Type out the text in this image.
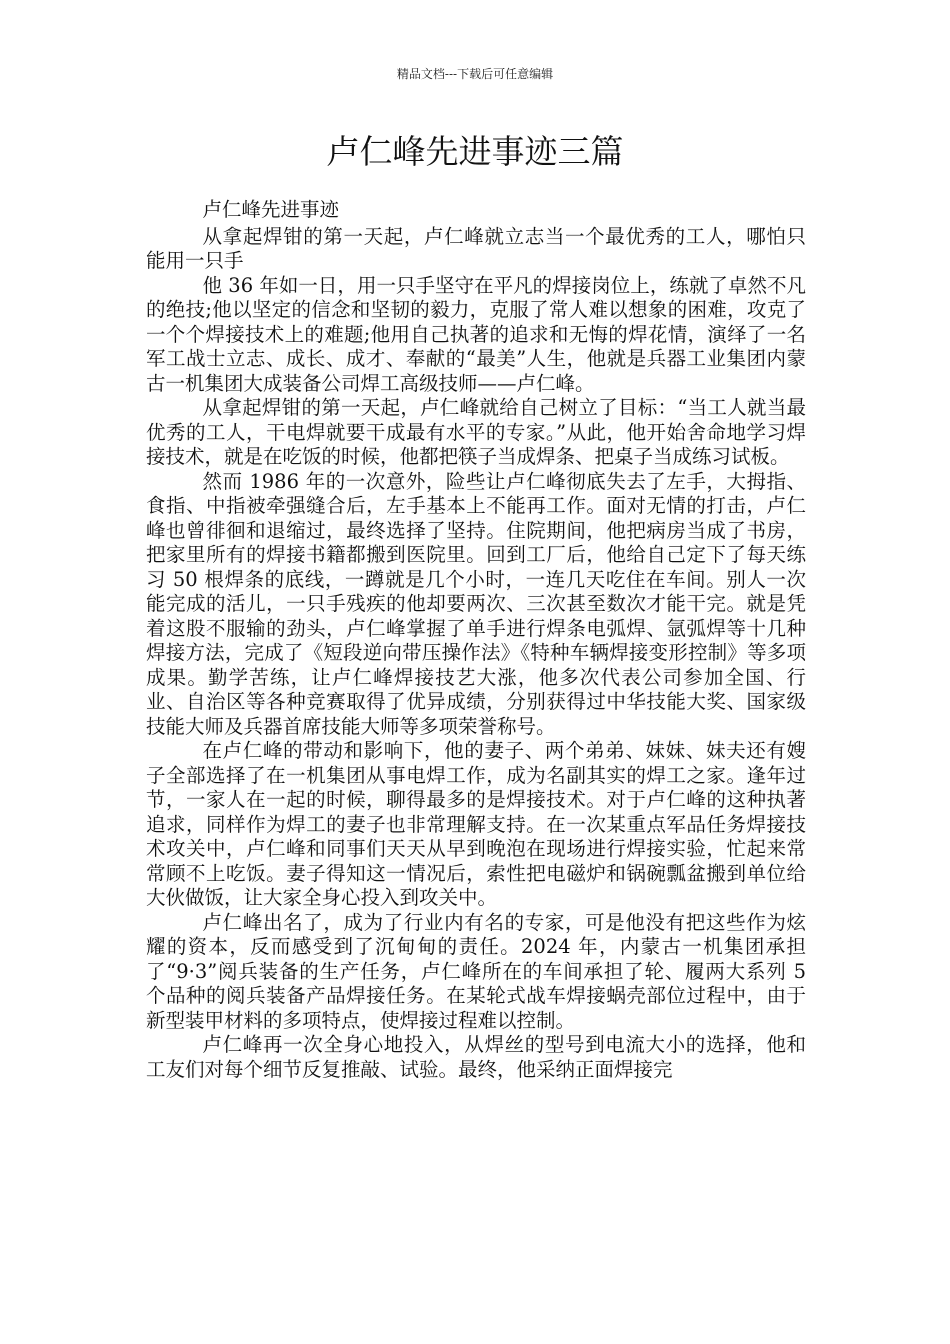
精品文档---下载后可任意编辑
卢仁峰先进事迹三篇

卢仁峰先进事迹

从拿起焊钳的第一天起，卢仁峰就立志当一个最优秀的工人，哪怕只能用一只手

他 36 年如一日，用一只手坚守在平凡的焊接岗位上，练就了卓然不凡的绝技;他以坚定的信念和坚韧的毅力，克服了常人难以想象的困难，攻克了一个个焊接技术上的难题;他用自己执著的追求和无悔的焊花情，演绎了一名军工战士立志、成长、成才、奉献的“最美”人生，他就是兵器工业集团内蒙古一机集团大成装备公司焊工高级技师——卢仁峰。

从拿起焊钳的第一天起，卢仁峰就给自己树立了目标：“当工人就当最优秀的工人，干电焊就要干成最有水平的专家。”从此，他开始舍命地学习焊接技术，就是在吃饭的时候，他都把筷子当成焊条、把桌子当成练习试板。

然而 1986 年的一次意外，险些让卢仁峰彻底失去了左手，大拇指、食指、中指被牵强缝合后，左手基本上不能再工作。面对无情的打击，卢仁峰也曾徘徊和退缩过，最终选择了坚持。住院期间，他把病房当成了书房，把家里所有的焊接书籍都搬到医院里。回到工厂后，他给自己定下了每天练习 50 根焊条的底线，一蹲就是几个小时，一连几天吃住在车间。别人一次能完成的活儿，一只手残疾的他却要两次、三次甚至数次才能干完。就是凭着这股不服输的劲头，卢仁峰掌握了单手进行焊条电弧焊、氩弧焊等十几种焊接方法，完成了《短段逆向带压操作法》《特种车辆焊接变形控制》等多项成果。勤学苦练，让卢仁峰焊接技艺大涨，他多次代表公司参加全国、行业、自治区等各种竞赛取得了优异成绩，分别获得过中华技能大奖、国家级技能大师及兵器首席技能大师等多项荣誉称号。

在卢仁峰的带动和影响下，他的妻子、两个弟弟、妹妹、妹夫还有嫂子全部选择了在一机集团从事电焊工作，成为名副其实的焊工之家。逢年过节，一家人在一起的时候，聊得最多的是焊接技术。对于卢仁峰的这种执著追求，同样作为焊工的妻子也非常理解支持。在一次某重点军品任务焊接技术攻关中，卢仁峰和同事们天天从早到晚泡在现场进行焊接实验，忙起来常常顾不上吃饭。妻子得知这一情况后，索性把电磁炉和锅碗瓢盆搬到单位给大伙做饭，让大家全身心投入到攻关中。

卢仁峰出名了，成为了行业内有名的专家，可是他没有把这些作为炫耀的资本，反而感受到了沉甸甸的责任。2024 年，内蒙古一机集团承担了“9·3”阅兵装备的生产任务，卢仁峰所在的车间承担了轮、履两大系列 5 个品种的阅兵装备产品焊接任务。在某轮式战车焊接蜗壳部位过程中，由于新型装甲材料的多项特点，使焊接过程难以控制。

卢仁峰再一次全身心地投入，从焊丝的型号到电流大小的选择，他和工友们对每个细节反复推敲、试验。最终，他采纳正面焊接完
